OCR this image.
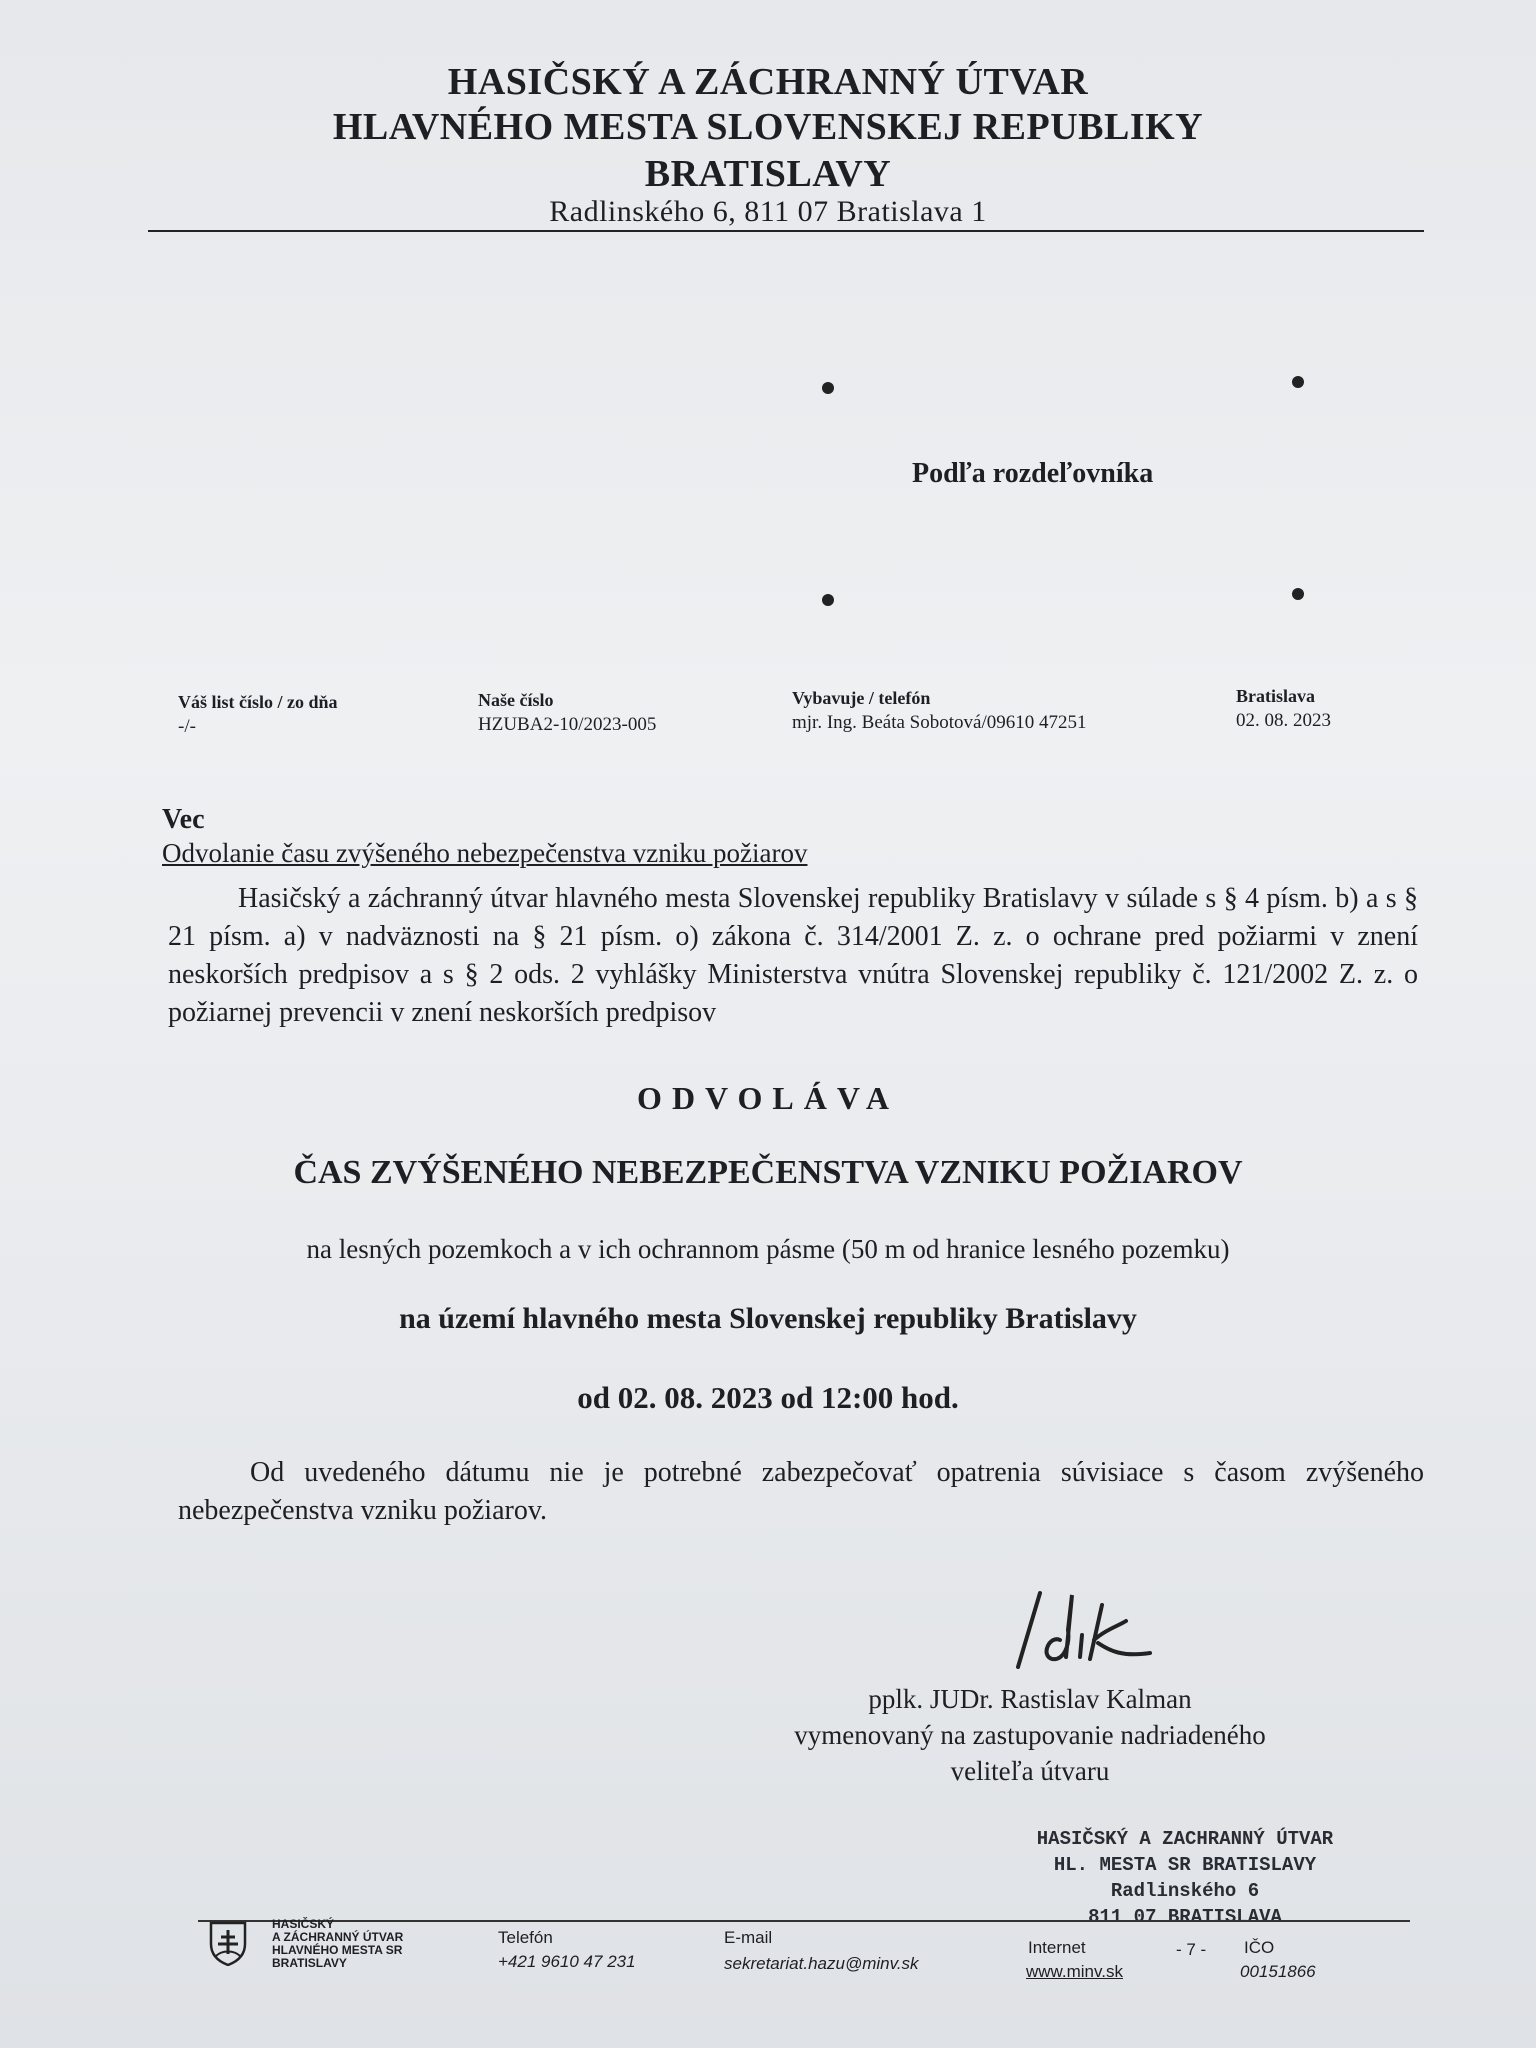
HASIČSKÝ A ZÁCHRANNÝ ÚTVAR
HLAVNÉHO MESTA SLOVENSKEJ REPUBLIKY
BRATISLAVY
Radlinského 6, 811 07 Bratislava 1
Podľa rozdeľovníka
Váš list číslo / zo dňa
-/-
Naše číslo
HZUBA2-10/2023-005
Vybavuje / telefón
mjr. Ing. Beáta Sobotová/09610 47251
Bratislava
02. 08. 2023
Vec
Odvolanie času zvýšeného nebezpečenstva vzniku požiarov
Hasičský a záchranný útvar hlavného mesta Slovenskej republiky Bratislavy v súlade s § 4 písm. b) a s § 21 písm. a) v nadväznosti na § 21 písm. o) zákona č. 314/2001 Z. z. o ochrane pred požiarmi v znení neskorších predpisov a s § 2 ods. 2 vyhlášky Ministerstva vnútra Slovenskej republiky č. 121/2002 Z. z. o požiarnej prevencii v znení neskorších predpisov
ODVOLÁVA
ČAS ZVÝŠENÉHO NEBEZPEČENSTVA VZNIKU POŽIAROV
na lesných pozemkoch a v ich ochrannom pásme (50 m od hranice lesného pozemku)
na území hlavného mesta Slovenskej republiky Bratislavy
od 02. 08. 2023 od 12:00 hod.
Od uvedeného dátumu nie je potrebné zabezpečovať opatrenia súvisiace s časom zvýšeného nebezpečenstva vzniku požiarov.
pplk. JUDr. Rastislav Kalman
vymenovaný na zastupovanie nadriadeného
veliteľa útvaru
HASIČSKÝ A ZACHRANNÝ ÚTVAR
HL. MESTA SR BRATISLAVY
Radlinského 6
811 07 BRATISLAVA
HASIČSKÝ
A ZÁCHRANNÝ ÚTVAR
HLAVNÉHO MESTA SR
BRATISLAVY
Telefón
+421 9610 47 231
E-mail
sekretariat.hazu@minv.sk
Internet
www.minv.sk
- 7 - IČO
00151866
